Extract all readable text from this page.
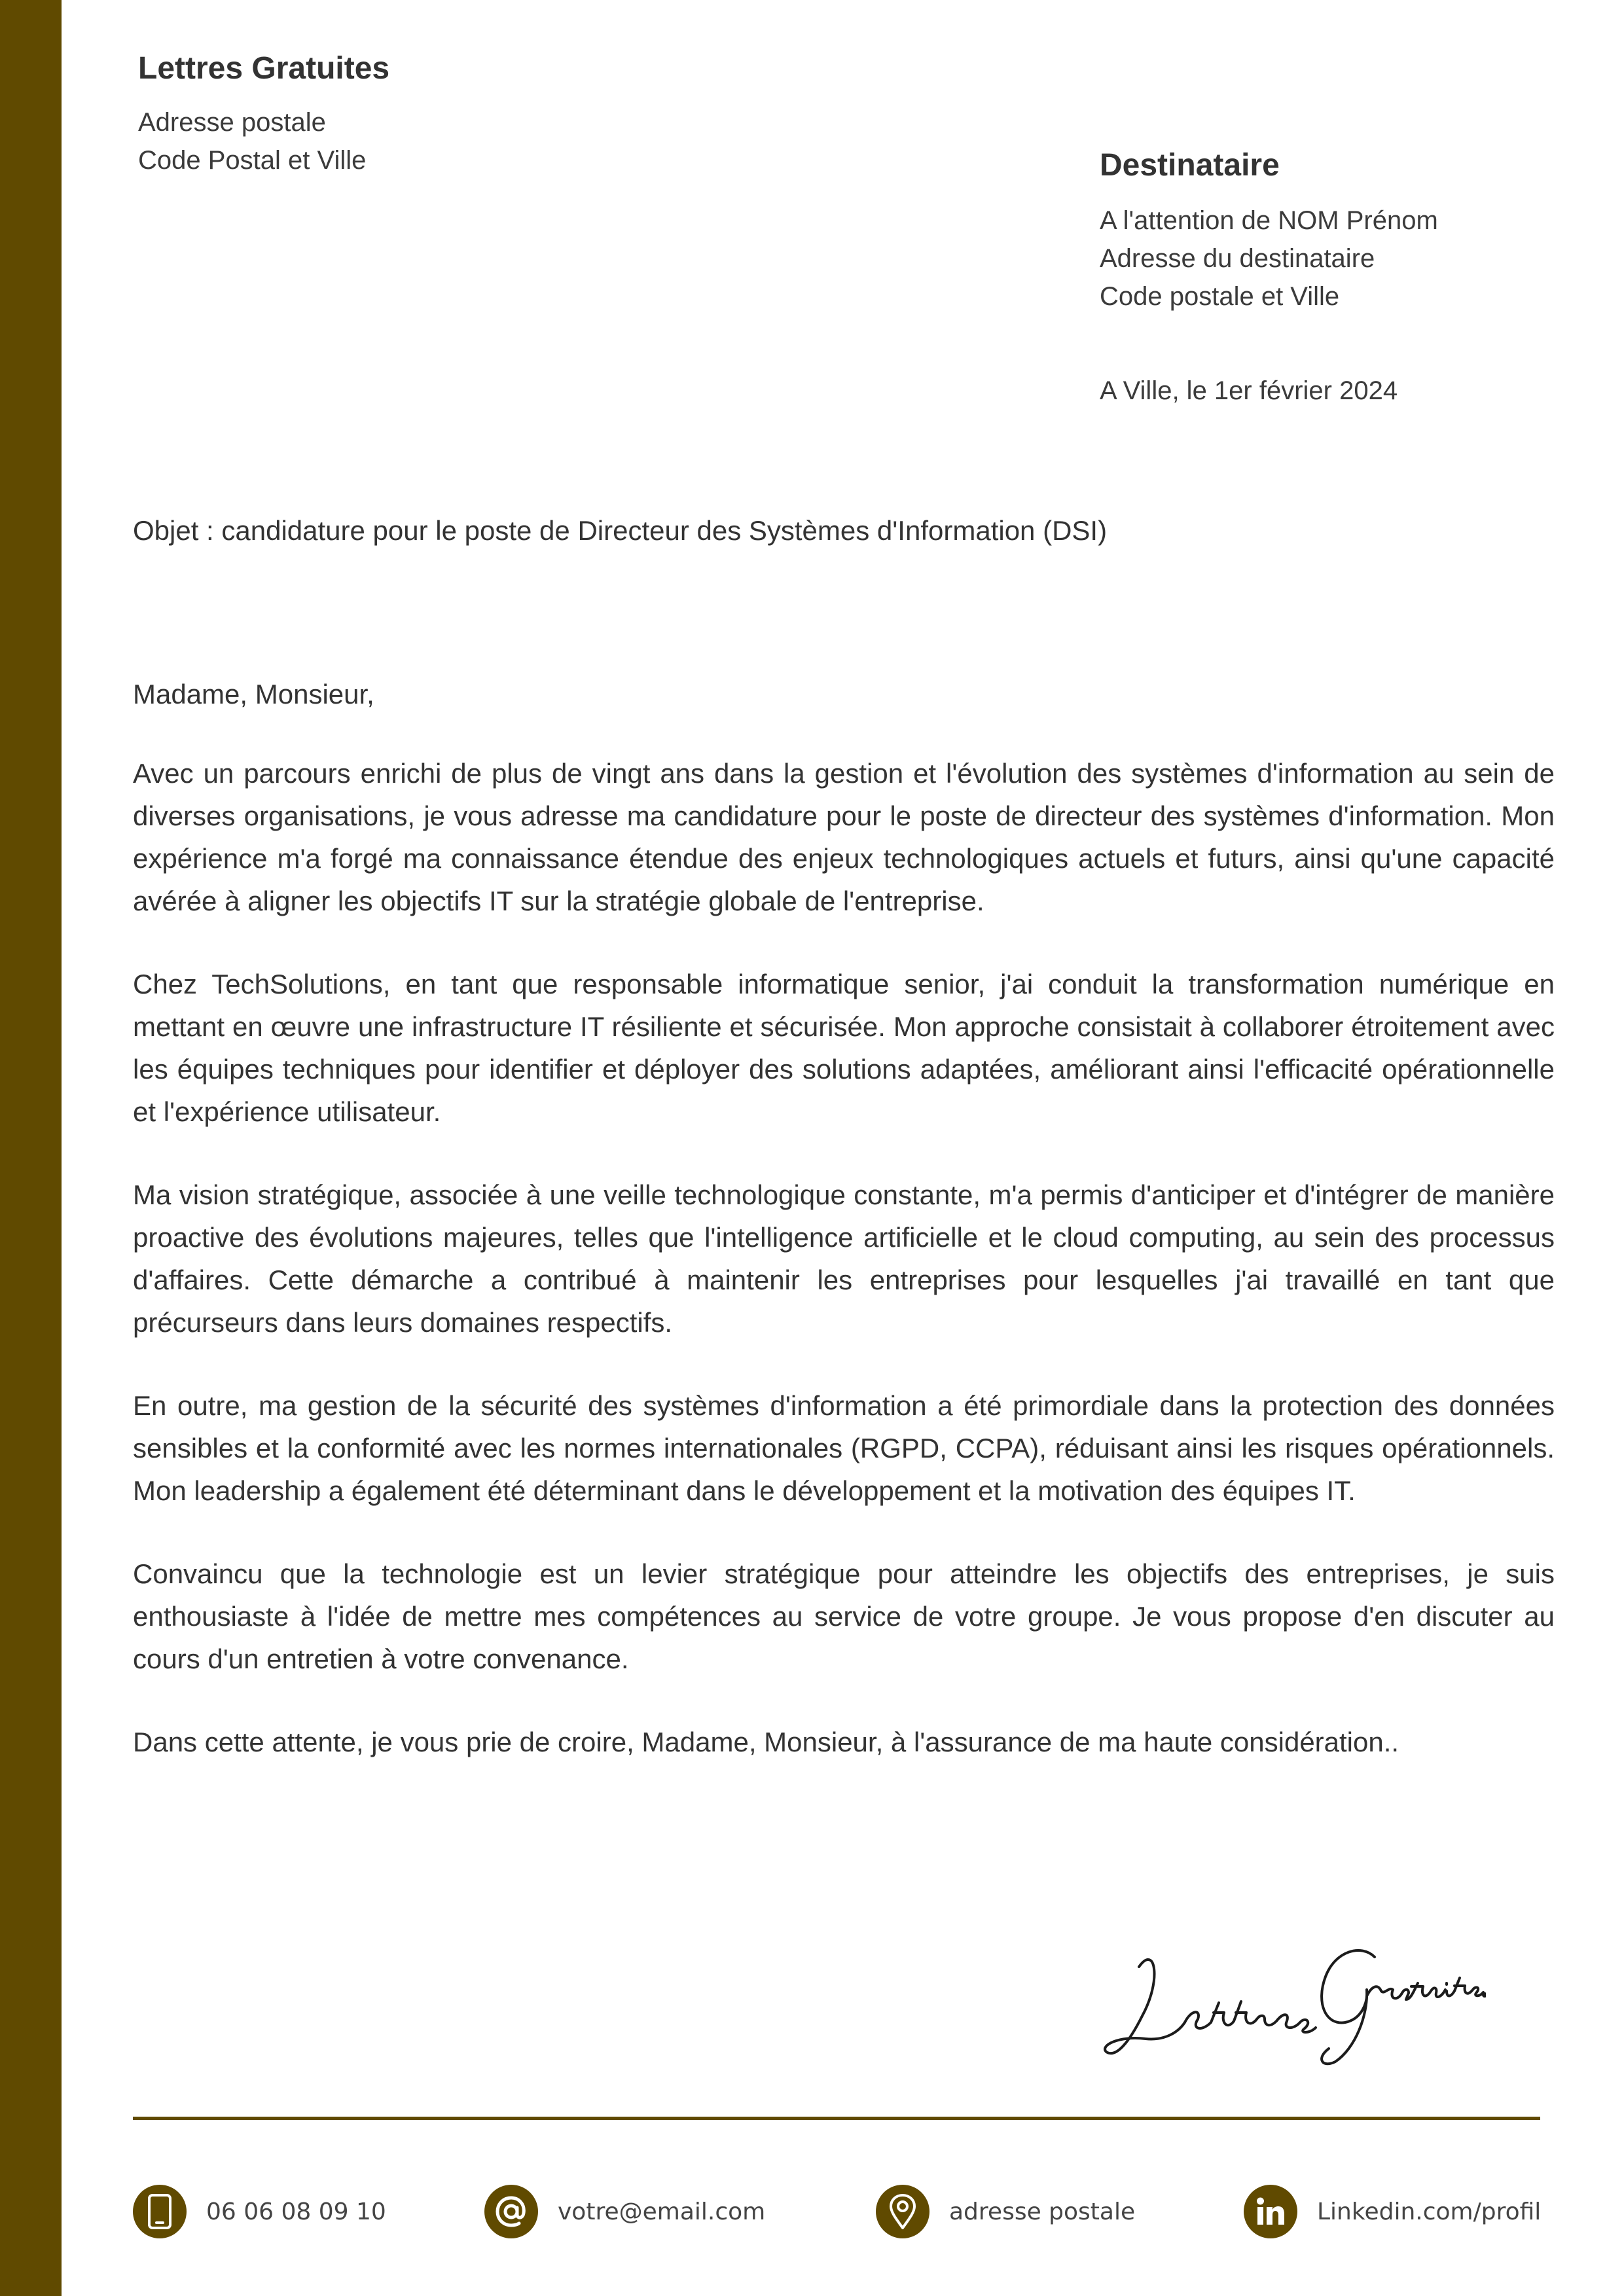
Lettres Gratuites
Adresse postale
Code Postal et Ville	Destinataire
A l'attention de NOM Prénom
Adresse du destinataire
Code postale et Ville
A Ville, le 1er février 2024
Objet : candidature pour le poste de Directeur des Systèmes d'Information (DSI)

Madame, Monsieur,

Avec un parcours enrichi de plus de vingt ans dans la gestion et l'évolution des systèmes d'information au sein de diverses organisations, je vous adresse ma candidature pour le poste de directeur des systèmes d'information. Mon expérience m'a forgé ma connaissance étendue des enjeux technologiques actuels et futurs, ainsi qu'une capacité avérée à aligner les objectifs IT sur la stratégie globale de l'entreprise.

Chez TechSolutions, en tant que responsable informatique senior, j'ai conduit la transformation numérique en mettant en œuvre une infrastructure IT résiliente et sécurisée. Mon approche consistait à collaborer étroitement avec les équipes techniques pour identifier et déployer des solutions adaptées, améliorant ainsi l'efficacité opérationnelle et l'expérience utilisateur.

Ma vision stratégique, associée à une veille technologique constante, m'a permis d'anticiper et d'intégrer de manière proactive des évolutions majeures, telles que l'intelligence artificielle et le cloud computing, au sein des processus d'affaires. Cette démarche a contribué à maintenir les entreprises pour lesquelles j'ai travaillé en tant que précurseurs dans leurs domaines respectifs.

En outre, ma gestion de la sécurité des systèmes d'information a été primordiale dans la protection des données sensibles et la conformité avec les normes internationales (RGPD, CCPA), réduisant ainsi les risques opérationnels. Mon leadership a également été déterminant dans le développement et la motivation des équipes IT.

Convaincu que la technologie est un levier stratégique pour atteindre les objectifs des entreprises, je suis enthousiaste à l'idée de mettre mes compétences au service de votre groupe. Je vous propose d'en discuter au cours d'un entretien à votre convenance.

Dans cette attente, je vous prie de croire, Madame, Monsieur, à l'assurance de ma haute considération..

06 06 08 09 10	votre@email.com	adresse postale	Linkedin.com/profil
